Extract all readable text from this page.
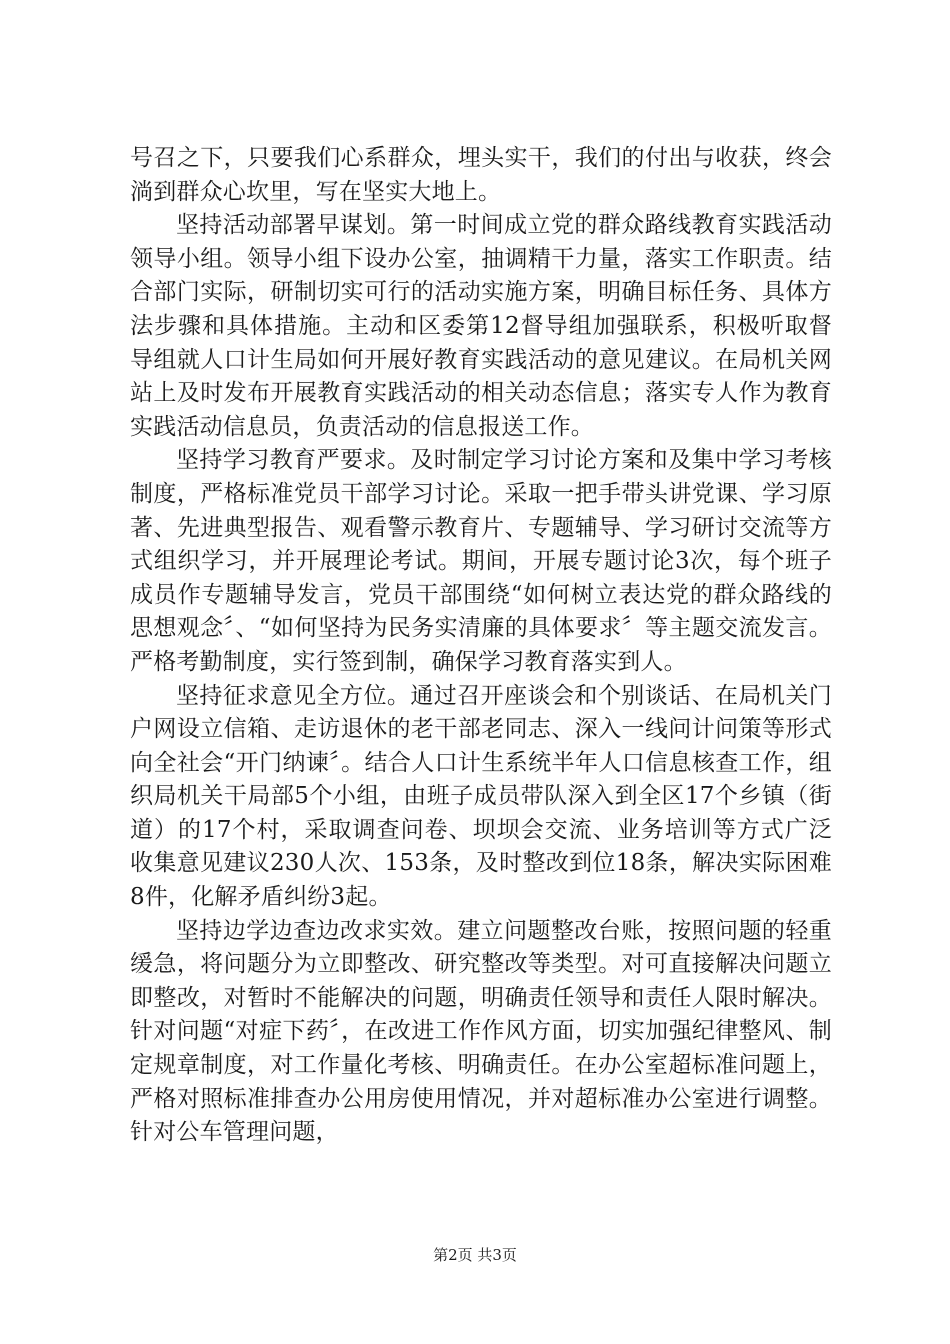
号召之下，只要我们心系群众，埋头实干，我们的付出与收获，终会淌到群众心坎里，写在坚实大地上。

坚持活动部署早谋划。第一时间成立党的群众路线教育实践活动领导小组。领导小组下设办公室，抽调精干力量，落实工作职责。结合部门实际，研制切实可行的活动实施方案，明确目标任务、具体方法步骤和具体措施。主动和区委第12督导组加强联系，积极听取督导组就人口计生局如何开展好教育实践活动的意见建议。在局机关网站上及时发布开展教育实践活动的相关动态信息；落实专人作为教育实践活动信息员，负责活动的信息报送工作。

坚持学习教育严要求。及时制定学习讨论方案和及集中学习考核制度，严格标准党员干部学习讨论。采取一把手带头讲党课、学习原著、先进典型报告、观看警示教育片、专题辅导、学习研讨交流等方式组织学习，并开展理论考试。期间，开展专题讨论3次，每个班子成员作专题辅导发言，党员干部围绕“如何树立表达党的群众路线的思想观念〞、“如何坚持为民务实清廉的具体要求〞等主题交流发言。严格考勤制度，实行签到制，确保学习教育落实到人。

坚持征求意见全方位。通过召开座谈会和个别谈话、在局机关门户网设立信箱、走访退休的老干部老同志、深入一线问计问策等形式向全社会“开门纳谏〞。结合人口计生系统半年人口信息核查工作，组织局机关干局部5个小组，由班子成员带队深入到全区17个乡镇（街道）的17个村，采取调查问卷、坝坝会交流、业务培训等方式广泛收集意见建议230人次、153条，及时整改到位18条，解决实际困难8件，化解矛盾纠纷3起。

坚持边学边查边改求实效。建立问题整改台账，按照问题的轻重缓急，将问题分为立即整改、研究整改等类型。对可直接解决问题立即整改，对暂时不能解决的问题，明确责任领导和责任人限时解决。针对问题“对症下药〞，在改进工作作风方面，切实加强纪律整风、制定规章制度，对工作量化考核、明确责任。在办公室超标准问题上，严格对照标准排查办公用房使用情况，并对超标准办公室进行调整。针对公车管理问题，

第2页 共3页
